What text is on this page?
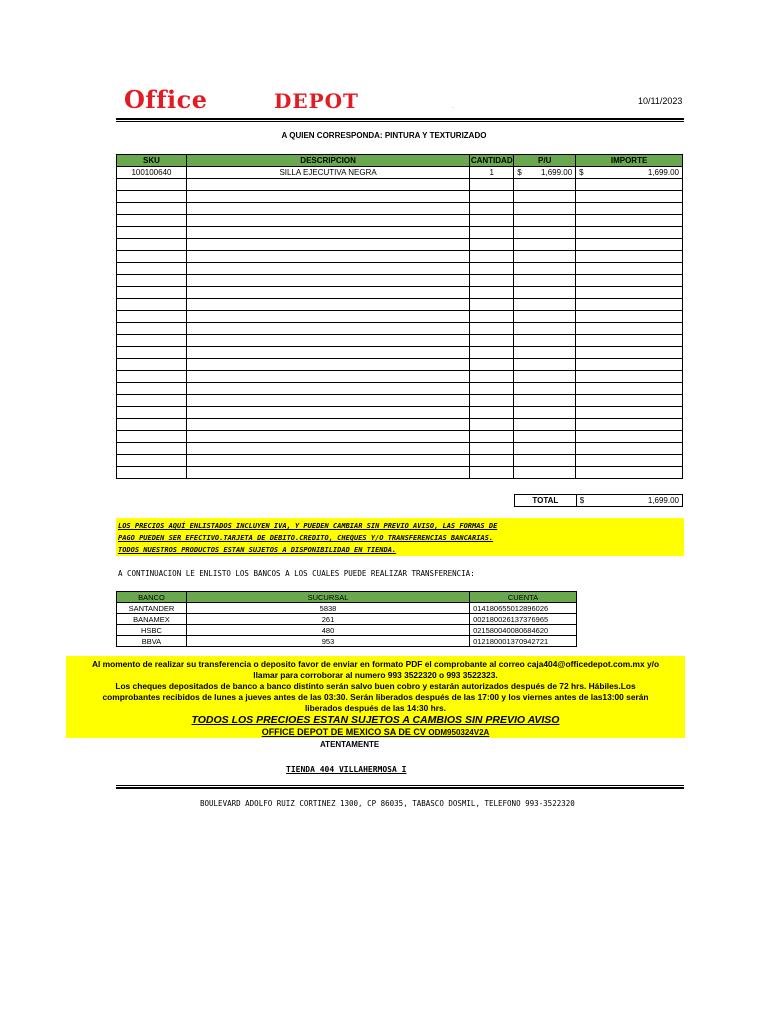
Office	DEPOT	.
10/11/2023
A QUIEN CORRESPONDA: PINTURA Y TEXTURIZADO
SKU	DESCRIPCION	CANTIDAD	P/U	IMPORTE
100100640	SILLA EJECUTIVA NEGRA	1	$ 1,699.00	$ 1,699.00

TOTAL	$	1,699.00
LOS PRECIOS AQUÍ ENLISTADOS INCLUYEN IVA, Y PUEDEN CAMBIAR SIN PREVIO AVISO, LAS FORMAS DE
PAGO PUEDEN SER EFECTIVO.TARJETA DE DEBITO.CREDITO, CHEQUES Y/O TRANSFERENCIAS BANCARIAS.
TODOS NUESTROS PRODUCTOS ESTAN SUJETOS A DISPONIBILIDAD EN TIENDA.
A CONTINUACION LE ENLISTO LOS BANCOS A LOS CUALES PUEDE REALIZAR TRANSFERENCIA:
BANCO	SUCURSAL	CUENTA
SANTANDER	5838	014180655012896026
BANAMEX	261	002180026137376965
HSBC	480	021580040080684620
BBVA	953	012180001370942721
Al momento de realizar su transferencia o deposito favor de enviar en formato PDF el comprobante al correo caja404@officedepot.com.mx y/o
llamar para corroborar al numero 993 3522320 o 993 3522323.
Los cheques depositados de banco a banco distinto serán salvo buen cobro y estarán autorizados después de 72 hrs. Hábiles.Los
comprobantes recibidos de lunes a jueves antes de las 03:30. Serán liberados después de las 17:00 y los viernes antes de las13:00 serán
liberados después de las 14:30 hrs.
TODOS LOS PRECIOES ESTAN SUJETOS A CAMBIOS SIN PREVIO AVISO
OFFICE DEPOT DE MEXICO SA DE CV ODM950324V2A
ATENTAMENTE
TIENDA 404 VILLAHERMOSA I
BOULEVARD ADOLFO RUIZ CORTINEZ 1300, CP 86035, TABASCO DOSMIL, TELEFONO 993-3522320
